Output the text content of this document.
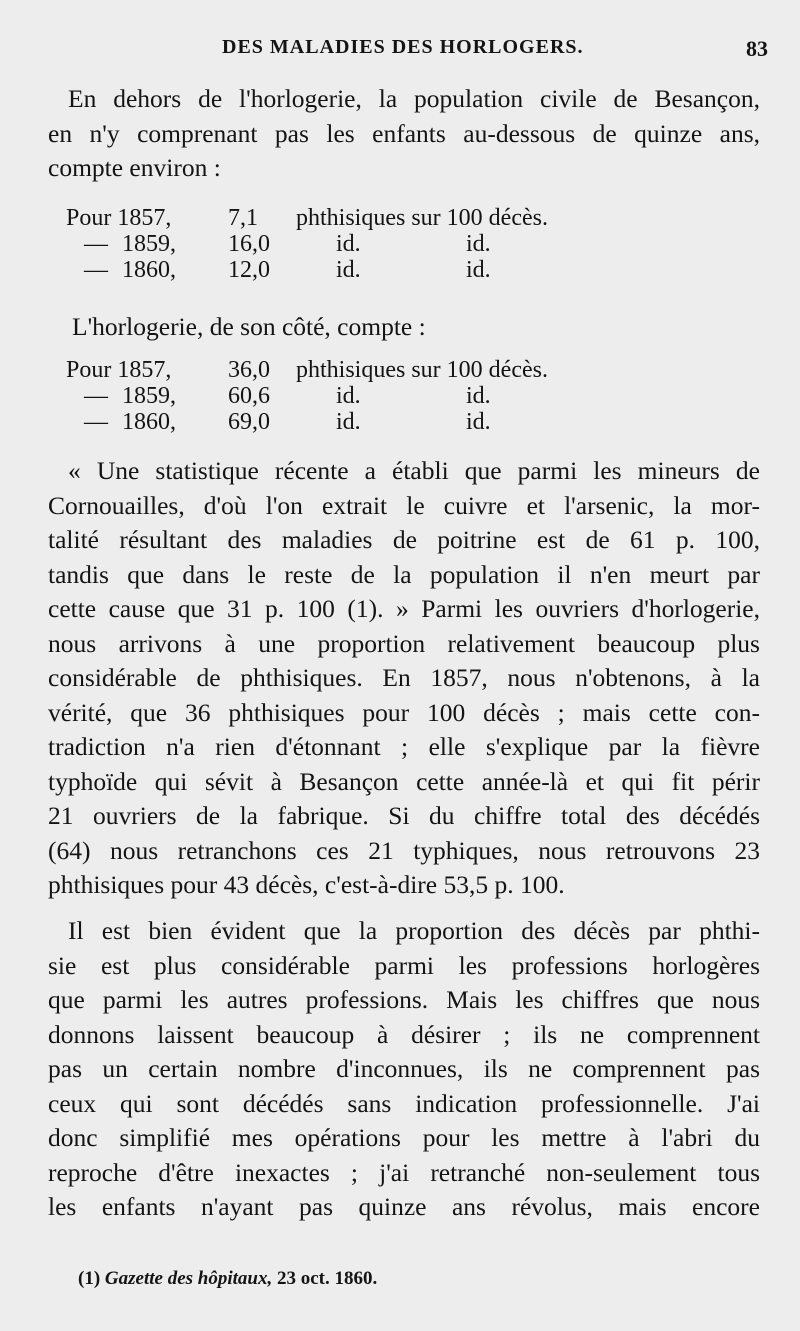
DES MALADIES DES HORLOGERS.	83
En dehors de l'horlogerie, la population civile de Besançon,
en n'y comprenant pas les enfants au-dessous de quinze ans,
compte environ :
Pour 1857, 7,1 phthisiques sur 100 décès.
— 1859, 16,0	id.	id.
— 1860, 12,0	id.	id.
L'horlogerie, de son côté, compte :
Pour 1857, 36,0 phthisiques sur 100 décès.
— 1859, 60,6	id.	id.
— 1860, 69,0	id.	id.
« Une statistique récente a établi que parmi les mineurs de
Cornouailles, d'où l'on extrait le cuivre et l'arsenic, la mor-
talité résultant des maladies de poitrine est de 61 p. 100,
tandis que dans le reste de la population il n'en meurt par
cette cause que 31 p. 100 (1). » Parmi les ouvriers d'horlogerie,
nous arrivons à une proportion relativement beaucoup plus
considérable de phthisiques. En 1857, nous n'obtenons, à la
vérité, que 36 phthisiques pour 100 décès ; mais cette con-
tradiction n'a rien d'étonnant ; elle s'explique par la fièvre
typhoïde qui sévit à Besançon cette année-là et qui fit périr
21 ouvriers de la fabrique. Si du chiffre total des décédés
(64) nous retranchons ces 21 typhiques, nous retrouvons 23
phthisiques pour 43 décès, c'est-à-dire 53,5 p. 100.
Il est bien évident que la proportion des décès par phthi-
sie est plus considérable parmi les professions horlogères
que parmi les autres professions. Mais les chiffres que nous
donnons laissent beaucoup à désirer ; ils ne comprennent
pas un certain nombre d'inconnues, ils ne comprennent pas
ceux qui sont décédés sans indication professionnelle. J'ai
donc simplifié mes opérations pour les mettre à l'abri du
reproche d'être inexactes ; j'ai retranché non-seulement tous
les enfants n'ayant pas quinze ans révolus, mais encore
(1) Gazette des hôpitaux, 23 oct. 1860.
